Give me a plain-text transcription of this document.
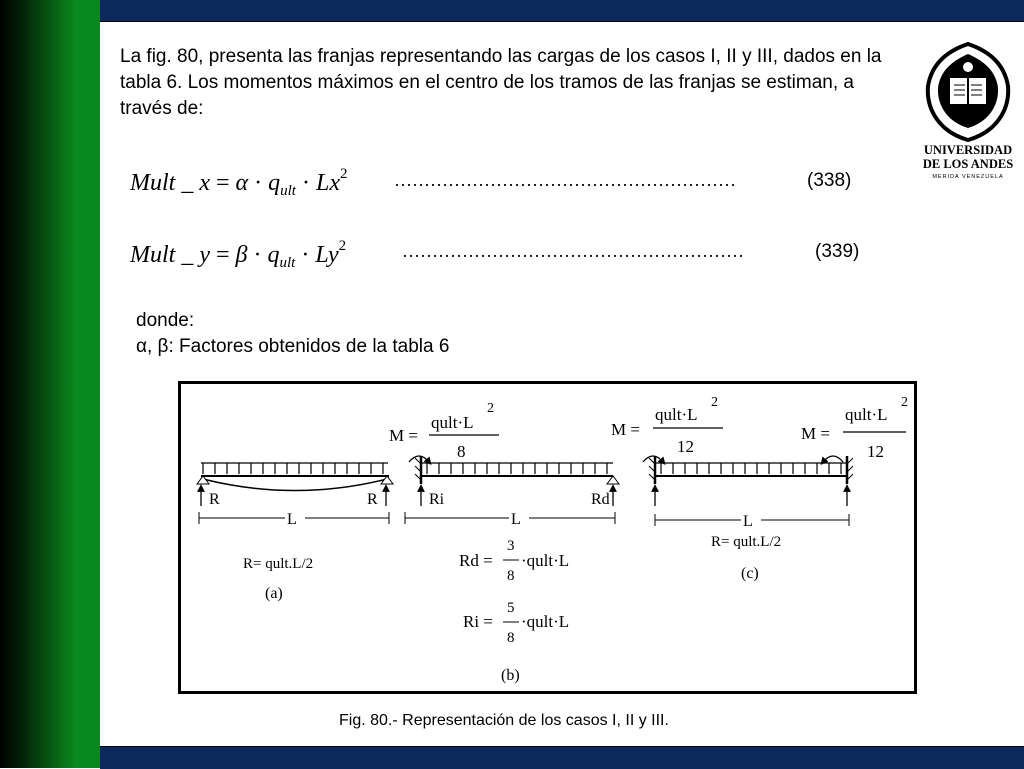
La fig. 80, presenta las franjas representando las cargas de los casos I, II y III, dados en la tabla 6. Los momentos máximos en el centro de los tramos de las franjas se estiman, a través de:

Mult _ $x = \alpha \cdot q_{ult} \cdot Lx^2$	…………………………………………………	(338)
Mult _ $y = \beta \cdot q_{ult} \cdot Ly^2$	…………………………………………………	(339)
donde:
α, β: Factores obtenidos de la tabla 6
UNIVERSIDAD
DE LOS ANDES
MERIDA VENEZUELA
R	R
L
R= qult.L/2
(a)
M =
qult·L
2
8
Ri	Rd
L
Rd =
3
8
·qult·L
Ri =
5
8
·qult·L
(b)
M =
qult·L
2
12
M =
qult·L
2
12
L
R= qult.L/2
(c)
Fig. 80.- Representación de los casos I, II y III.
